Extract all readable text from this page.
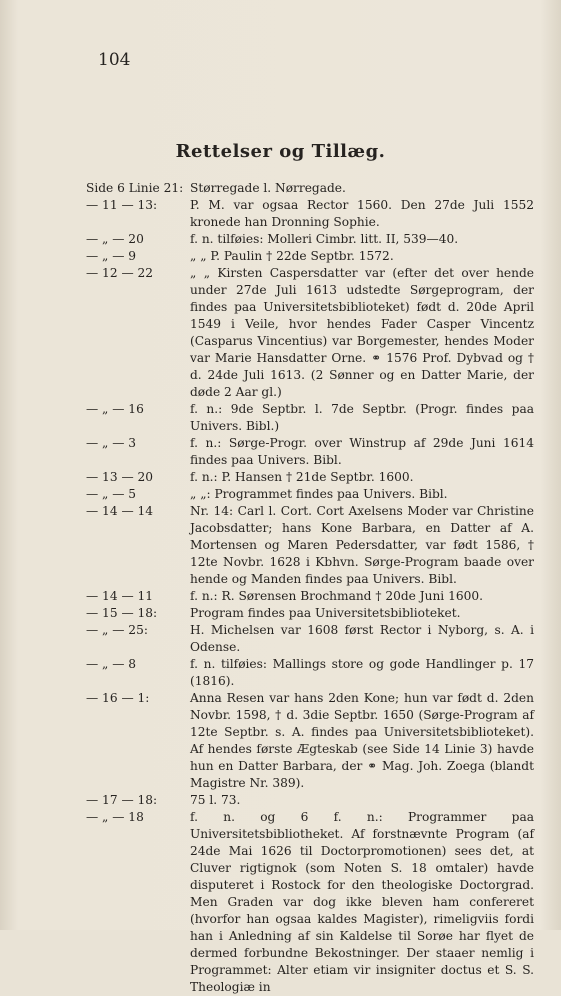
104
Rettelser og Tillæg.
Side 6 Linie 21: Størregade l. Nørregade.
— 11 — 13:	P. M. var ogsaa Rector 1560. Den 27de Juli 1552 kronede han Dronning Sophie.
— „ — 20	f. n. tilføies: Molleri Cimbr. litt. II, 539—40.
— „ — 9	„ „ P. Paulin † 22de Septbr. 1572.
— 12 — 22	„ „ Kirsten Caspersdatter var (efter det over hende under 27de Juli 1613 udstedte Sørgeprogram, der findes paa Universitetsbiblioteket) født d. 20de April 1549 i Veile, hvor hendes Fader Casper Vincentz (Casparus Vincentius) var Borgemester, hendes Moder var Marie Hansdatter Orne. ⚭ 1576 Prof. Dybvad og † d. 24de Juli 1613. (2 Sønner og en Datter Marie, der døde 2 Aar gl.)
— „ — 16	f. n.: 9de Septbr. l. 7de Septbr. (Progr. findes paa Univers. Bibl.)
— „ — 3	f. n.: Sørge-Progr. over Winstrup af 29de Juni 1614 findes paa Univers. Bibl.
— 13 — 20	f. n.: P. Hansen † 21de Septbr. 1600.
— „ — 5	„ „: Programmet findes paa Univers. Bibl.
— 14 — 14	Nr. 14: Carl l. Cort. Cort Axelsens Moder var Christine Jacobsdatter; hans Kone Barbara, en Datter af A. Mortensen og Maren Pedersdatter, var født 1586, † 12te Novbr. 1628 i Kbhvn. Sørge-Program baade over hende og Manden findes paa Univers. Bibl.
— 14 — 11	f. n.: R. Sørensen Brochmand † 20de Juni 1600.
— 15 — 18:	Program findes paa Universitetsbiblioteket.
— „ — 25:	H. Michelsen var 1608 først Rector i Nyborg, s. A. i Odense.
— „ — 8	f. n. tilføies: Mallings store og gode Handlinger p. 17 (1816).
— 16 — 1:	Anna Resen var hans 2den Kone; hun var født d. 2den Novbr. 1598, † d. 3die Septbr. 1650 (Sørge-Program af 12te Septbr. s. A. findes paa Universitetsbiblioteket). Af hendes første Ægteskab (see Side 14 Linie 3) havde hun en Datter Barbara, der ⚭ Mag. Joh. Zoega (blandt Magistre Nr. 389).
— 17 — 18:	75 l. 73.
— „ — 18	f. n. og 6 f. n.: Programmer paa Universitetsbibliotheket. Af forstnævnte Program (af 24de Mai 1626 til Doctorpromotionen) sees det, at Cluver rigtignok (som Noten S. 18 omtaler) havde disputeret i Rostock for den theologiske Doctorgrad. Men Graden var dog ikke bleven ham confereret (hvorfor han ogsaa kaldes Magister), rimeligviis fordi han i Anledning af sin Kaldelse til Sorøe har flyet de dermed forbundne Bekostninger. Der staaer nemlig i Programmet: Alter etiam vir insigniter doctus et S. S. Theologiæ in
